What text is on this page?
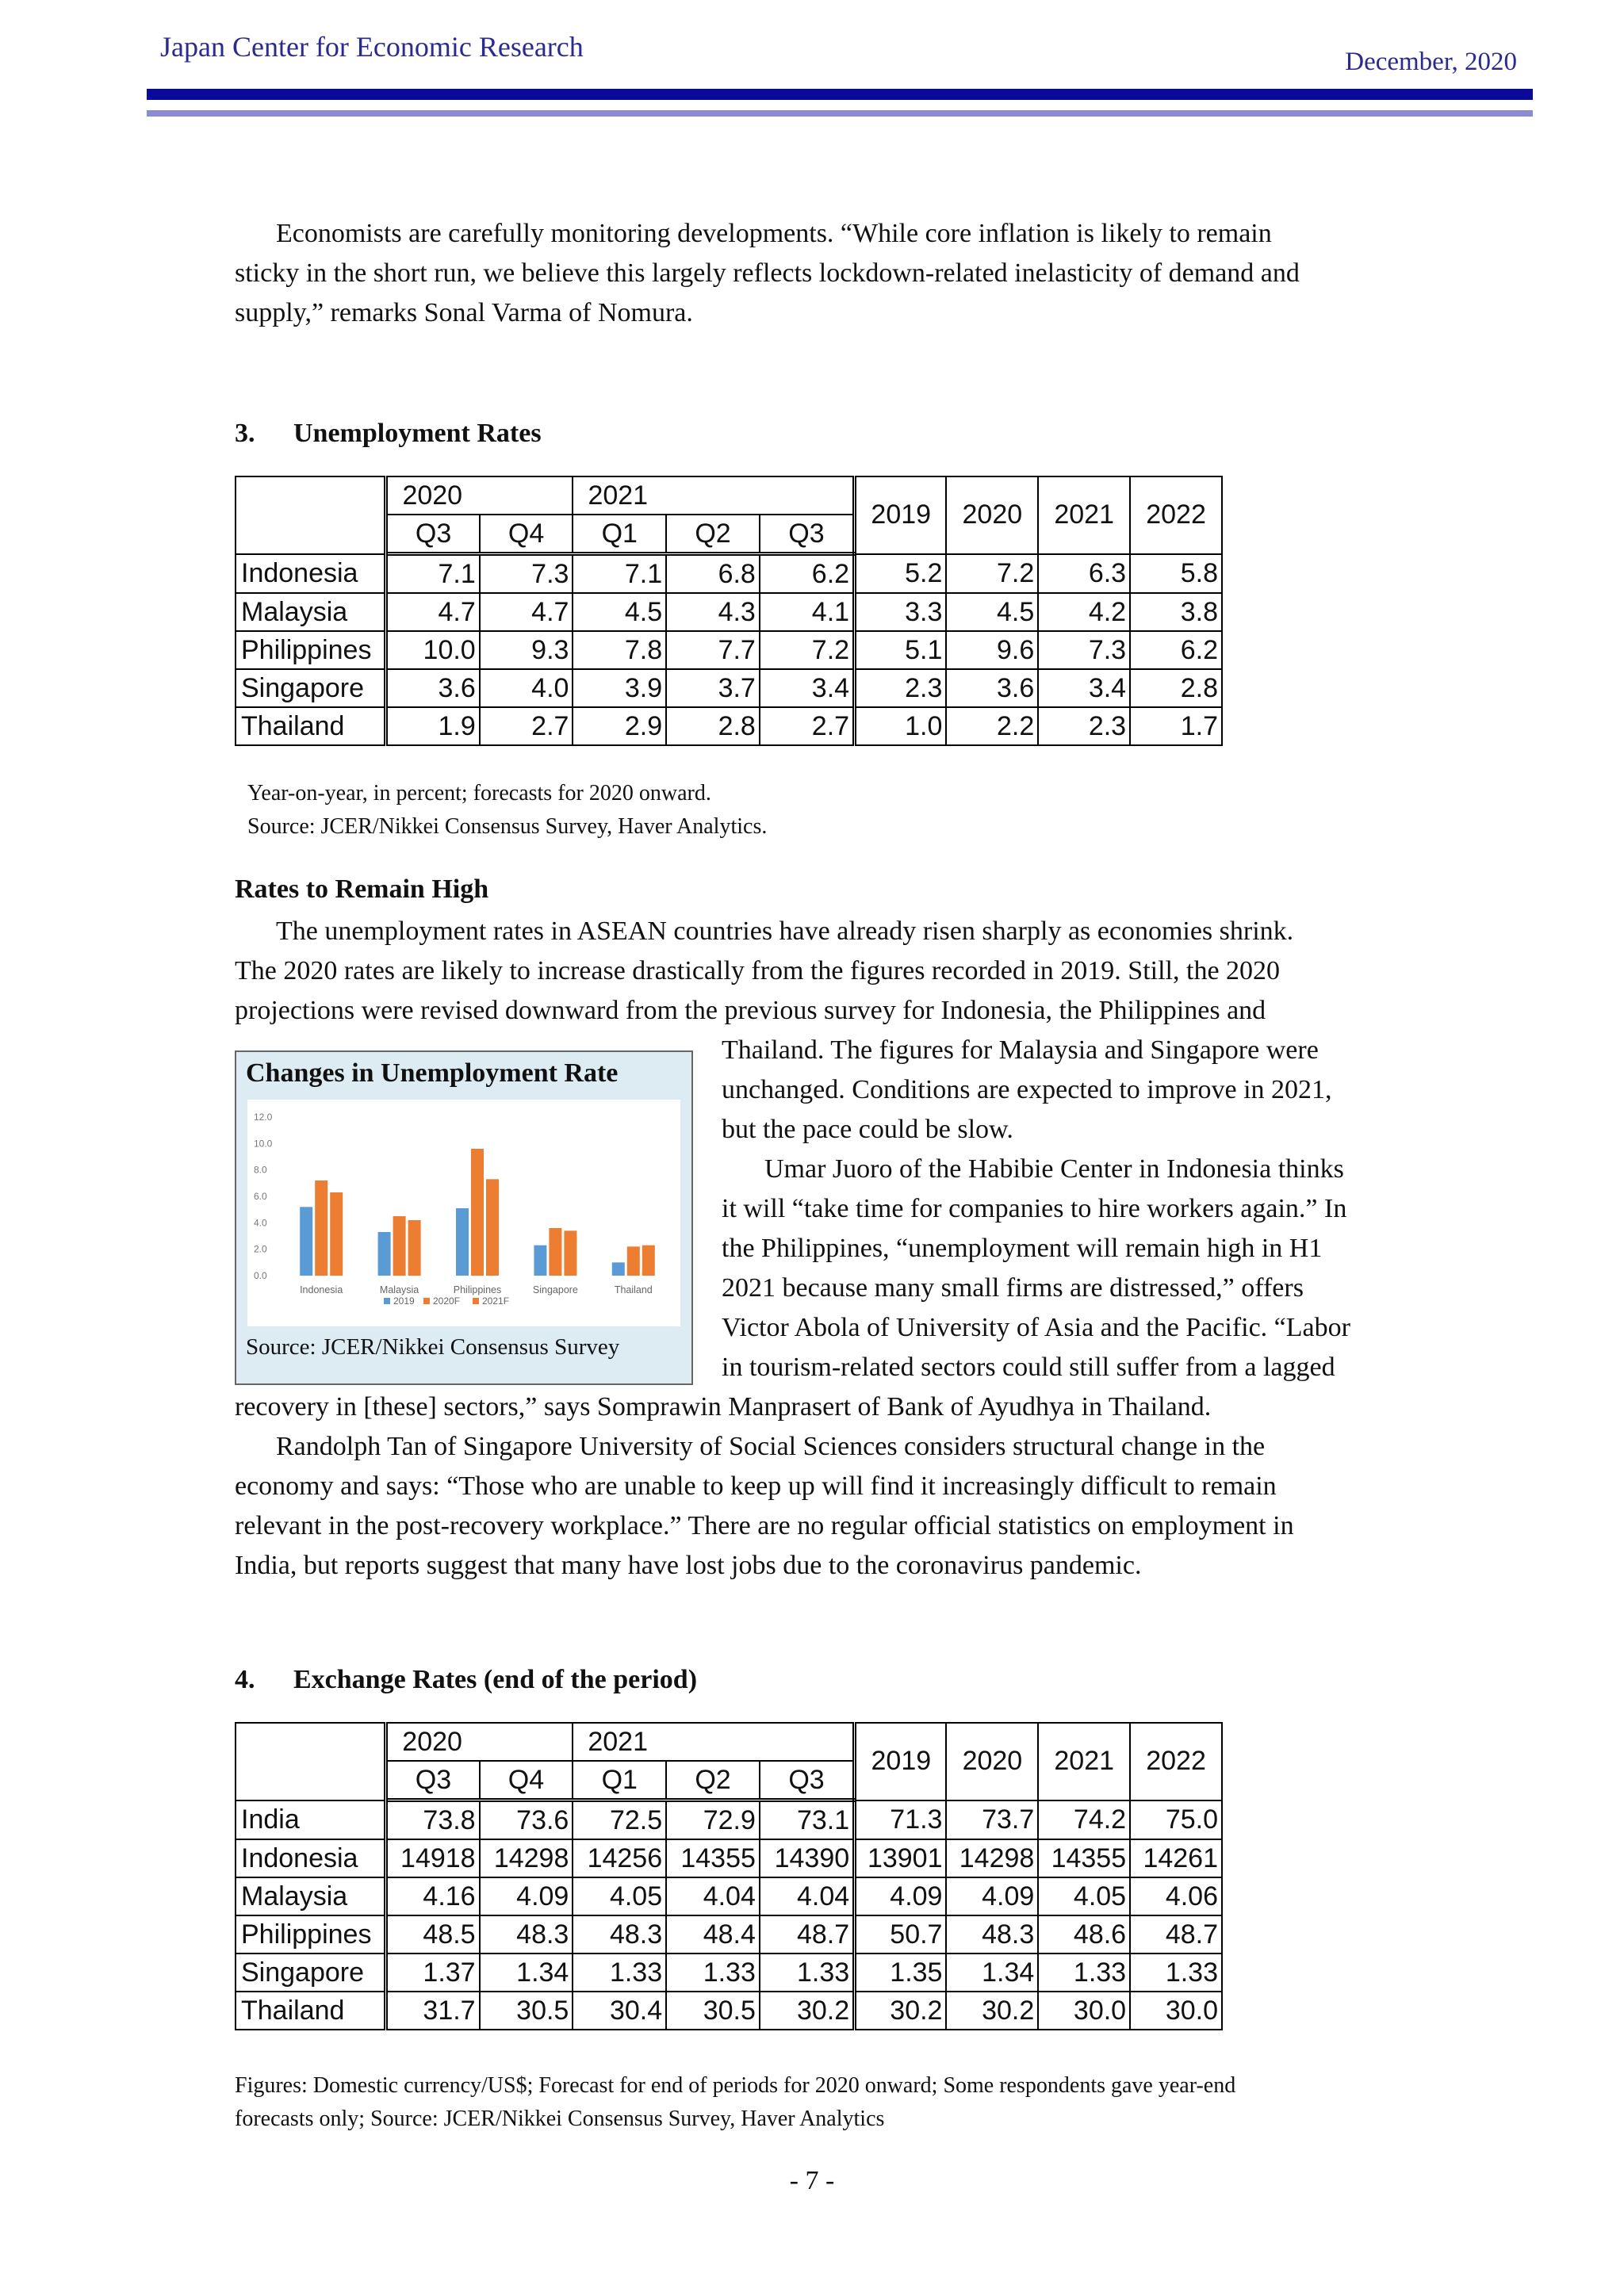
Japan Center for Economic Research	December, 2020
Economists are carefully monitoring developments. “While core inflation is likely to remain
sticky in the short run, we believe this largely reflects lockdown-related inelasticity of demand and
supply,” remarks Sonal Varma of Nomura.
3. Unemployment Rates
	2020		2021			2019	2020	2021	2022
	Q3	Q4	Q1	Q2	Q3				
Indonesia	7.1	7.3	7.1	6.8	6.2	5.2	7.2	6.3	5.8
Malaysia	4.7	4.7	4.5	4.3	4.1	3.3	4.5	4.2	3.8
Philippines	10.0	9.3	7.8	7.7	7.2	5.1	9.6	7.3	6.2
Singapore	3.6	4.0	3.9	3.7	3.4	2.3	3.6	3.4	2.8
Thailand	1.9	2.7	2.9	2.8	2.7	1.0	2.2	2.3	1.7
Year-on-year, in percent; forecasts for 2020 onward.
Source: JCER/Nikkei Consensus Survey, Haver Analytics.
Rates to Remain High
The unemployment rates in ASEAN countries have already risen sharply as economies shrink.
The 2020 rates are likely to increase drastically from the figures recorded in 2019. Still, the 2020
projections were revised downward from the previous survey for Indonesia, the Philippines and
Thailand. The figures for Malaysia and Singapore were
unchanged. Conditions are expected to improve in 2021,
but the pace could be slow.
Umar Juoro of the Habibie Center in Indonesia thinks
it will “take time for companies to hire workers again.” In
the Philippines, “unemployment will remain high in H1
2021 because many small firms are distressed,” offers
Victor Abola of University of Asia and the Pacific. “Labor
in tourism-related sectors could still suffer from a lagged
Changes in Unemployment Rate
0.0
2.0
4.0
6.0
8.0
10.0
12.0
Indonesia	Malaysia	Philippines	Singapore	Thailand
2019 2020F 2021F
Source: JCER/Nikkei Consensus Survey
recovery in [these] sectors,” says Somprawin Manprasert of Bank of Ayudhya in Thailand.
Randolph Tan of Singapore University of Social Sciences considers structural change in the
economy and says: “Those who are unable to keep up will find it increasingly difficult to remain
relevant in the post-recovery workplace.” There are no regular official statistics on employment in
India, but reports suggest that many have lost jobs due to the coronavirus pandemic.
4. Exchange Rates (end of the period)
	2020		2021			2019	2020	2021	2022
	Q3	Q4	Q1	Q2	Q3				
India	73.8	73.6	72.5	72.9	73.1	71.3	73.7	74.2	75.0
Indonesia	14918	14298	14256	14355	14390	13901	14298	14355	14261
Malaysia	4.16	4.09	4.05	4.04	4.04	4.09	4.09	4.05	4.06
Philippines	48.5	48.3	48.3	48.4	48.7	50.7	48.3	48.6	48.7
Singapore	1.37	1.34	1.33	1.33	1.33	1.35	1.34	1.33	1.33
Thailand	31.7	30.5	30.4	30.5	30.2	30.2	30.2	30.0	30.0
Figures: Domestic currency/US$; Forecast for end of periods for 2020 onward; Some respondents gave year-end
forecasts only; Source: JCER/Nikkei Consensus Survey, Haver Analytics
- 7 -
